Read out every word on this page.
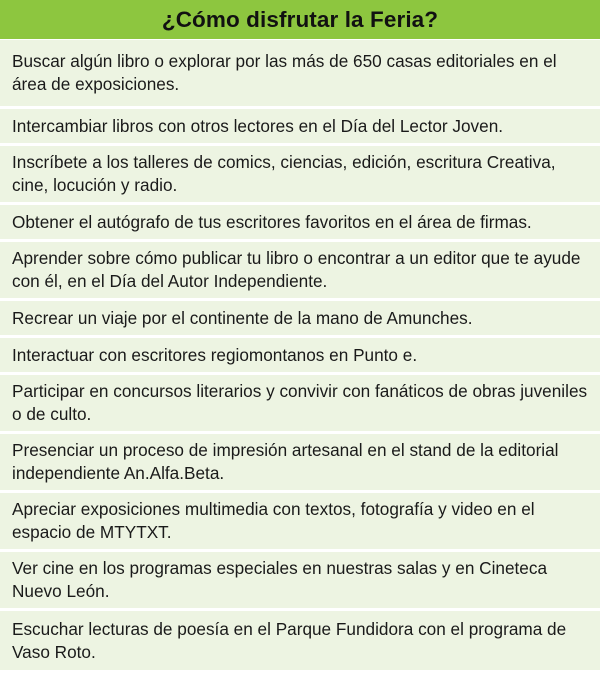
¿Cómo disfrutar la Feria?
Buscar algún libro o explorar por las más de 650 casas editoriales en el área de exposiciones.
Intercambiar libros con otros lectores en el Día del Lector Joven.
Inscríbete a los talleres de comics, ciencias, edición, escritura Creativa, cine, locución y radio.
Obtener el autógrafo de tus escritores favoritos en el área de firmas.
Aprender sobre cómo publicar tu libro o encontrar a un editor que te ayude con él, en el Día del Autor Independiente.
Recrear un viaje por el continente de la mano de Amunches.
Interactuar con escritores regiomontanos en Punto e.
Participar en concursos literarios y convivir con fanáticos de obras juveniles o de culto.
Presenciar un proceso de impresión artesanal en el stand de la editorial independiente An.Alfa.Beta.
Apreciar exposiciones multimedia con textos, fotografía y video en el espacio de MTYTXT.
Ver cine en los programas especiales en nuestras salas y en Cineteca Nuevo León.
Escuchar lecturas de poesía en el Parque Fundidora con el programa de Vaso Roto.
